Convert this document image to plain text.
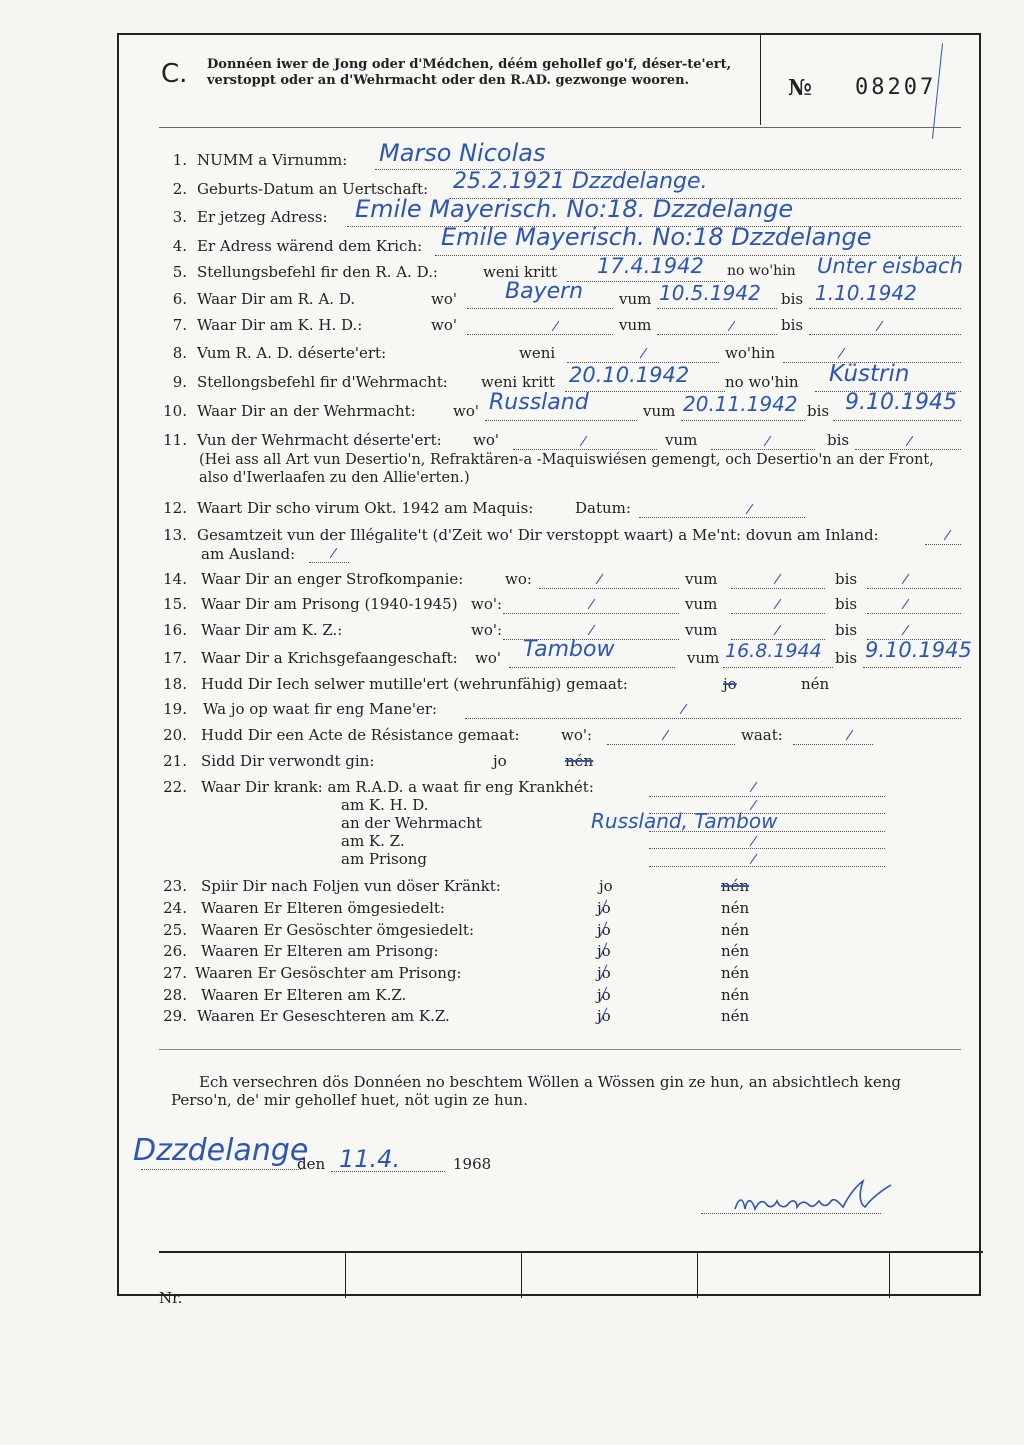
C. Donnéen iwer de Jong oder d'Médchen, déém gehollef go'f, déser-te'ert, verstoppt oder an d'Wehrmacht oder den R.AD. gezwonge wooren.	№ 08207
1. NUMM a Virnumm: Marso Nicolas
2. Geburts-Datum an Uertschaft: 25.2.1921 Dzzdelange.
3. Er jetzeg Adress: Emile Mayerisch. No:18. Dzzdelange
4. Er Adress wärend dem Krich: Emile Mayerisch. No:18 Dzzdelange
5. Stellungsbefehl fir den R. A. D.:	weni kritt 17.4.1942 no wo'hin Unter eisbach
6. Waar Dir am R. A. D.	wo' Bayern vum 10.5.1942 bis 1.10.1942
7. Waar Dir am K. H. D.:	wo'	vum	bis
8. Vum R. A. D. déserte'ert:	weni	wo'hin
9. Stellongsbefehl fir d'Wehrmacht: weni kritt 20.10.1942 no wo'hin Küstrin
10. Waar Dir an der Wehrmacht: wo' Russland	vum 20.11.1942 bis 9.10.1945
11. Vun der Wehrmacht déserte'ert: wo'	vum	bis
(Hei ass all Art vun Desertio'n, Refraktären-a -Maquiswiésen gemengt, och Desertio'n an der Front, also d'Iwerlaafen zu den Allie'erten.)
12. Waart Dir scho virum Okt. 1942 am Maquis:	Datum:
13. Gesamtzeit vun der Illégalite't (d'Zeit wo' Dir verstoppt waart) a Me'nt: dovun am Inland:
am Ausland:
14. Waar Dir an enger Strofkompanie:	wo:	vum	bis
15. Waar Dir am Prisong (1940-1945) wo':	vum	bis
16. Waar Dir am K. Z.:	wo':	vum	bis
17. Waar Dir a Krichsgefaangeschaft: wo' Tambow	vum 16.8.1944 bis 9.10.1945
18. Hudd Dir Iech selwer mutille'ert (wehrunfähig) gemaat:	jo	nén
19. Wa jo op waat fir eng Mane'er:
20. Hudd Dir een Acte de Résistance gemaat:	wo':	waat:
21. Sidd Dir verwondt gin:	jo	nén
22. Waar Dir krank: am R.A.D. a waat fir eng Krankhét:
am K. H. D.
an der Wehrmacht	Russland, Tambow
am K. Z.
am Prisong
23. Spiir Dir nach Foljen vun döser Kränkt:	jo	nén
24. Waaren Er Elteren ömgesiedelt:	jo	nén
25. Waaren Er Gesöschter ömgesiedelt:	jo	nén
26. Waaren Er Elteren am Prisong:	jo	nén
27. Waaren Er Gesöschter am Prisong:	jo	nén
28. Waaren Er Elteren am K.Z.	jo	nén
29. Waaren Er Geseschteren am K.Z.	jo	nén
Ech versechren dös Donnéen no beschtem Wöllen a Wössen gin ze hun, an absichtlech keng Perso'n, de' mir gehollef huet, nöt ugin ze hun.
Dzzdelange
den 11.4.	1968
Nr.
